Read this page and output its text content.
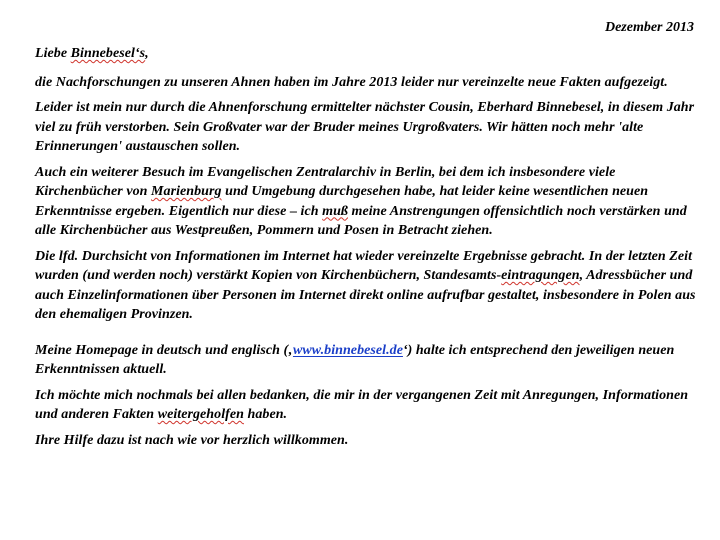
Dezember 2013

Liebe Binnebesel‘s,

die Nachforschungen zu unseren Ahnen haben im Jahre 2013 leider nur vereinzelte neue Fakten aufgezeigt.

Leider ist mein nur durch die Ahnenforschung ermittelter nächster Cousin, Eberhard Binnebesel, in diesem Jahr viel zu früh verstorben. Sein Großvater war der Bruder meines Urgroßvaters. Wir hätten noch mehr 'alte Erinnerungen' austauschen sollen.

Auch ein weiterer Besuch im Evangelischen Zentralarchiv in Berlin, bei dem ich insbesondere viele Kirchenbücher von Marienburg und Umgebung durchgesehen habe, hat leider keine wesentlichen neuen Erkenntnisse ergeben. Eigentlich nur diese – ich muß meine Anstrengungen offensichtlich noch verstärken und alle Kirchenbücher aus Westpreußen, Pommern und Posen in Betracht ziehen.

Die lfd. Durchsicht von Informationen im Internet hat wieder vereinzelte Ergebnisse gebracht. In der letzten Zeit wurden (und werden noch) verstärkt Kopien von Kirchenbüchern, Standesamts-eintragungen, Adressbücher und auch Einzelinformationen über Personen im Internet direkt online aufrufbar gestaltet, insbesondere in Polen aus den ehemaligen Provinzen.

Meine Homepage in deutsch und englisch (‚www.binnebesel.de‘) halte ich entsprechend den jeweiligen neuen Erkenntnissen aktuell.

Ich möchte mich nochmals bei allen bedanken, die mir in der vergangenen Zeit mit Anregungen, Informationen und anderen Fakten weitergeholfen haben.

Ihre Hilfe dazu ist nach wie vor herzlich willkommen.
